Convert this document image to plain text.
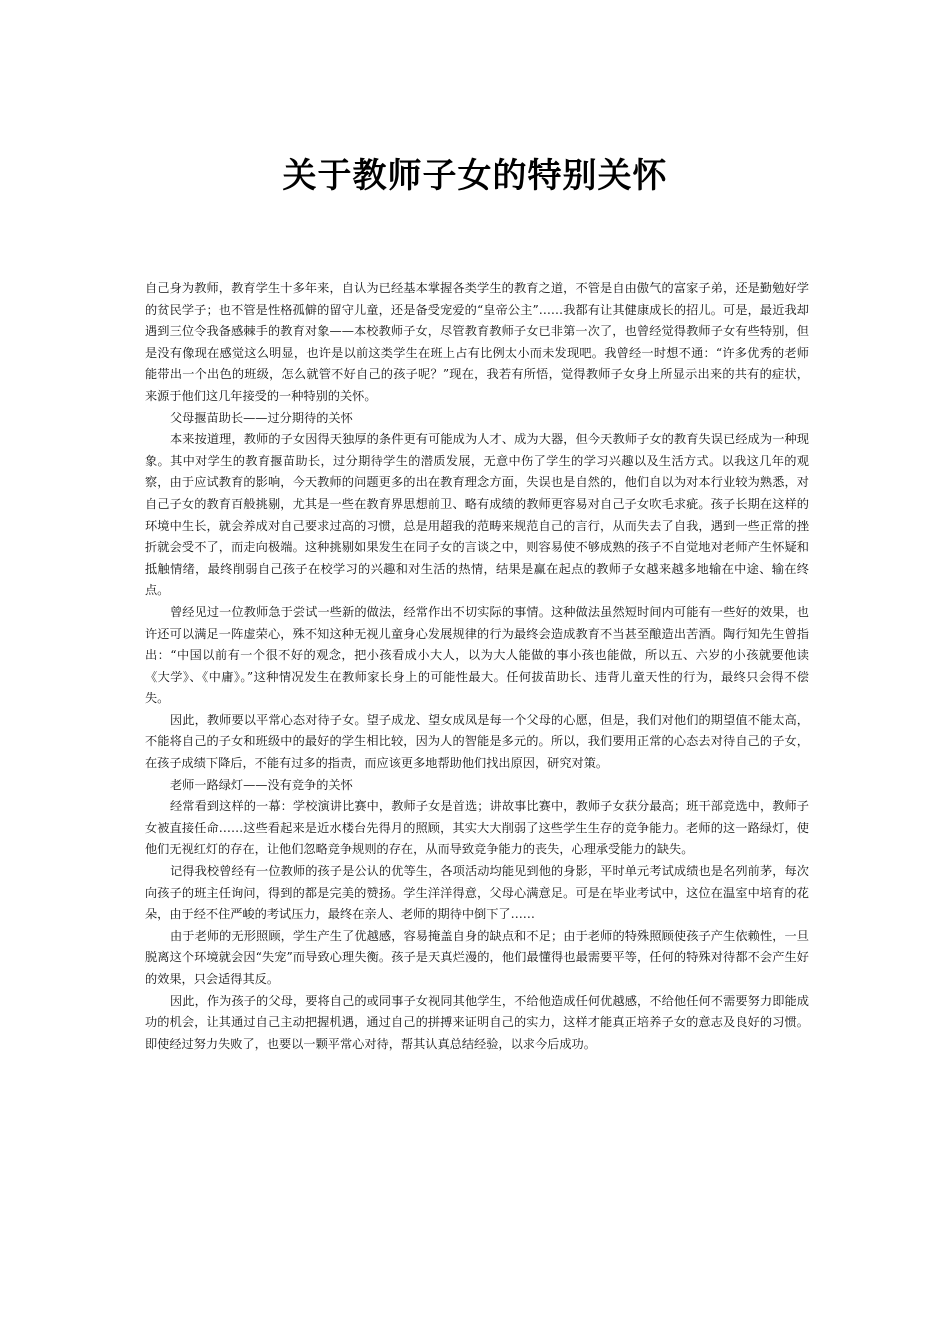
关于教师子女的特别关怀

自己身为教师，教育学生十多年来，自认为已经基本掌握各类学生的教育之道，不管是自由傲气的富家子弟，还是勤勉好学的贫民学子；也不管是性格孤僻的留守儿童，还是备受宠爱的“皇帝公主”……我都有让其健康成长的招儿。可是，最近我却遇到三位令我备感棘手的教育对象——本校教师子女，尽管教育教师子女已非第一次了，也曾经觉得教师子女有些特别，但是没有像现在感觉这么明显，也许是以前这类学生在班上占有比例太小而未发现吧。我曾经一时想不通：“许多优秀的老师能带出一个出色的班级，怎么就管不好自己的孩子呢？”现在，我若有所悟，觉得教师子女身上所显示出来的共有的症状，来源于他们这几年接受的一种特别的关怀。

父母揠苗助长——过分期待的关怀

本来按道理，教师的子女因得天独厚的条件更有可能成为人才、成为大器，但今天教师子女的教育失误已经成为一种现象。其中对学生的教育揠苗助长，过分期待学生的潜质发展，无意中伤了学生的学习兴趣以及生活方式。以我这几年的观察，由于应试教育的影响，今天教师的问题更多的出在教育理念方面，失误也是自然的，他们自以为对本行业较为熟悉，对自己子女的教育百般挑剔，尤其是一些在教育界思想前卫、略有成绩的教师更容易对自己子女吹毛求疵。孩子长期在这样的环境中生长，就会养成对自己要求过高的习惯，总是用超我的范畴来规范自己的言行，从而失去了自我，遇到一些正常的挫折就会受不了，而走向极端。这种挑剔如果发生在同子女的言谈之中，则容易使不够成熟的孩子不自觉地对老师产生怀疑和抵触情绪，最终削弱自己孩子在校学习的兴趣和对生活的热情，结果是赢在起点的教师子女越来越多地输在中途、输在终点。

曾经见过一位教师急于尝试一些新的做法，经常作出不切实际的事情。这种做法虽然短时间内可能有一些好的效果，也许还可以满足一阵虚荣心，殊不知这种无视儿童身心发展规律的行为最终会造成教育不当甚至酿造出苦酒。陶行知先生曾指出：“中国以前有一个很不好的观念，把小孩看成小大人，以为大人能做的事小孩也能做，所以五、六岁的小孩就要他读《大学》、《中庸》。”这种情况发生在教师家长身上的可能性最大。任何拔苗助长、违背儿童天性的行为，最终只会得不偿失。

因此，教师要以平常心态对待子女。望子成龙、望女成凤是每一个父母的心愿，但是，我们对他们的期望值不能太高，不能将自己的子女和班级中的最好的学生相比较，因为人的智能是多元的。所以，我们要用正常的心态去对待自己的子女，在孩子成绩下降后，不能有过多的指责，而应该更多地帮助他们找出原因，研究对策。

老师一路绿灯——没有竞争的关怀

经常看到这样的一幕：学校演讲比赛中，教师子女是首选；讲故事比赛中，教师子女获分最高；班干部竞选中，教师子女被直接任命……这些看起来是近水楼台先得月的照顾，其实大大削弱了这些学生生存的竞争能力。老师的这一路绿灯，使他们无视红灯的存在，让他们忽略竞争规则的存在，从而导致竞争能力的丧失，心理承受能力的缺失。

记得我校曾经有一位教师的孩子是公认的优等生，各项活动均能见到他的身影，平时单元考试成绩也是名列前茅，每次向孩子的班主任询问，得到的都是完美的赞扬。学生洋洋得意，父母心满意足。可是在毕业考试中，这位在温室中培育的花朵，由于经不住严峻的考试压力，最终在亲人、老师的期待中倒下了……

由于老师的无形照顾，学生产生了优越感，容易掩盖自身的缺点和不足；由于老师的特殊照顾使孩子产生依赖性，一旦脱离这个环境就会因“失宠”而导致心理失衡。孩子是天真烂漫的，他们最懂得也最需要平等，任何的特殊对待都不会产生好的效果，只会适得其反。

因此，作为孩子的父母，要将自己的或同事子女视同其他学生，不给他造成任何优越感，不给他任何不需要努力即能成功的机会，让其通过自己主动把握机遇，通过自己的拼搏来证明自己的实力，这样才能真正培养子女的意志及良好的习惯。即使经过努力失败了，也要以一颗平常心对待，帮其认真总结经验，以求今后成功。
